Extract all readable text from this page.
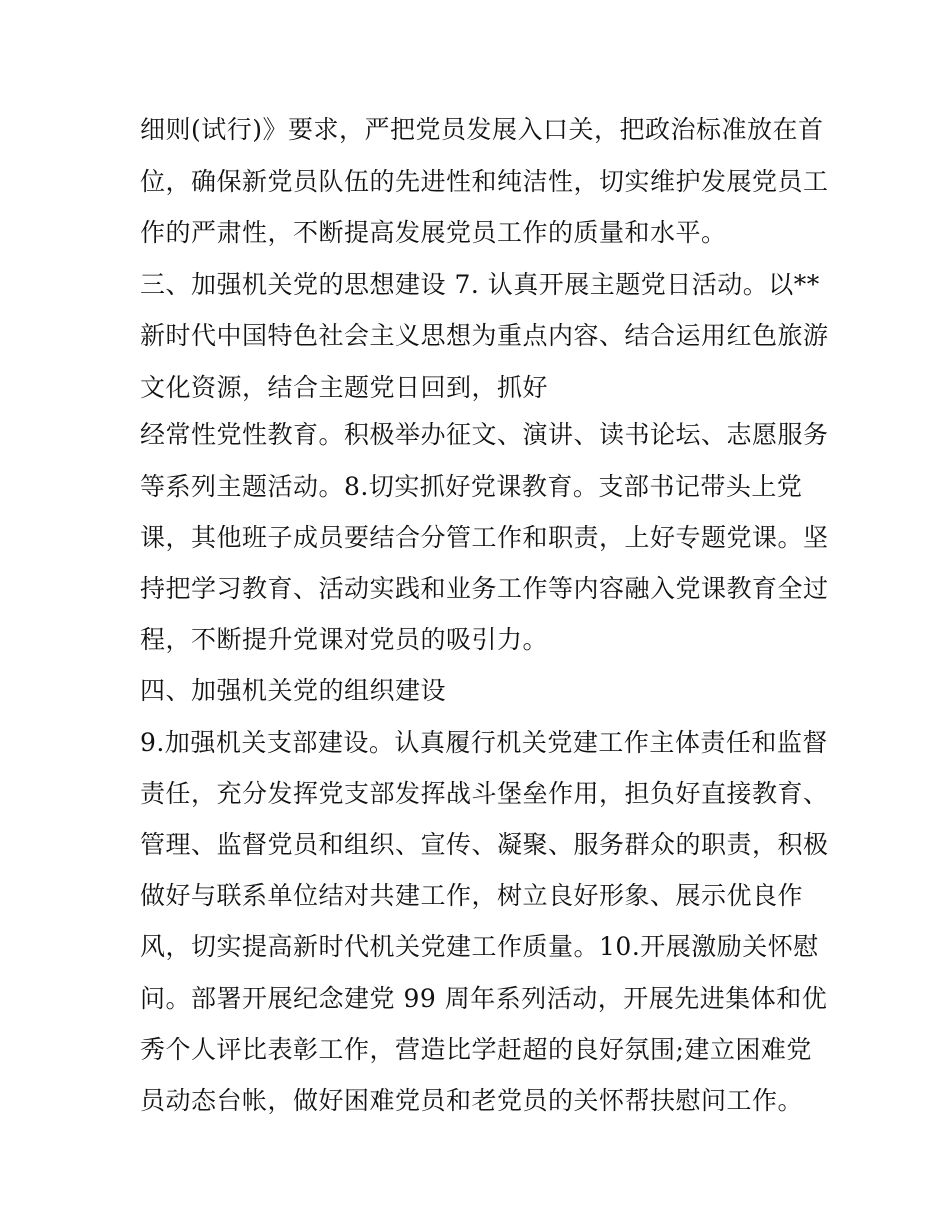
细则(试行)》要求，严把党员发展入口关，把政治标准放在首
位，确保新党员队伍的先进性和纯洁性，切实维护发展党员工
作的严肃性，不断提高发展党员工作的质量和水平。
三、加强机关党的思想建设 7. 认真开展主题党日活动。以**
新时代中国特色社会主义思想为重点内容、结合运用红色旅游
文化资源，结合主题党日回到，抓好
经常性党性教育。积极举办征文、演讲、读书论坛、志愿服务
等系列主题活动。8.切实抓好党课教育。支部书记带头上党
课，其他班子成员要结合分管工作和职责，上好专题党课。坚
持把学习教育、活动实践和业务工作等内容融入党课教育全过
程，不断提升党课对党员的吸引力。
四、加强机关党的组织建设
9.加强机关支部建设。认真履行机关党建工作主体责任和监督
责任，充分发挥党支部发挥战斗堡垒作用，担负好直接教育、
管理、监督党员和组织、宣传、凝聚、服务群众的职责，积极
做好与联系单位结对共建工作，树立良好形象、展示优良作
风，切实提高新时代机关党建工作质量。10.开展激励关怀慰
问。部署开展纪念建党 99 周年系列活动，开展先进集体和优
秀个人评比表彰工作，营造比学赶超的良好氛围;建立困难党
员动态台帐，做好困难党员和老党员的关怀帮扶慰问工作。
